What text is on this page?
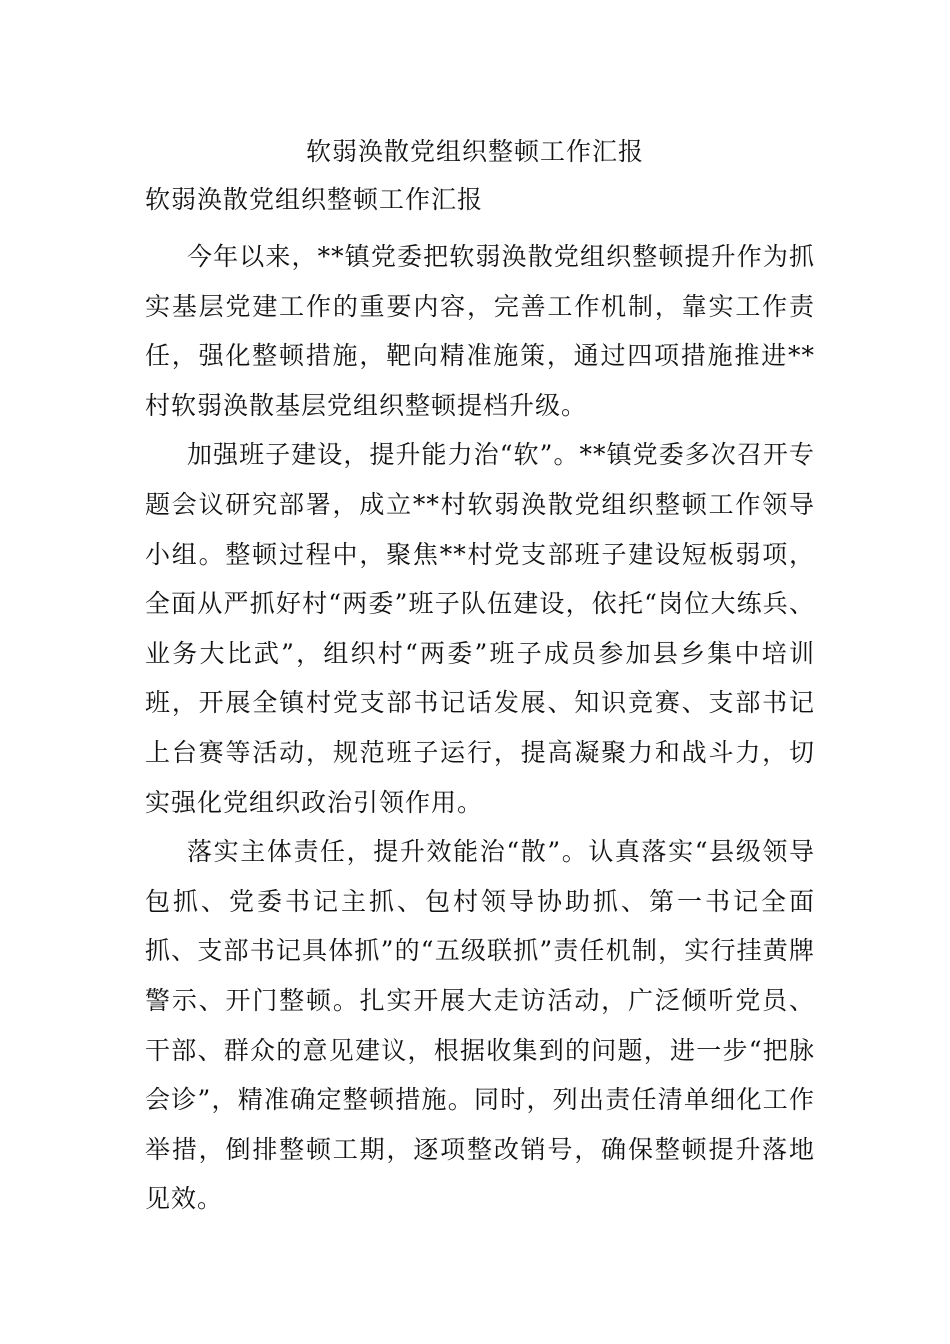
软弱涣散党组织整顿工作汇报
软弱涣散党组织整顿工作汇报

今年以来，**镇党委把软弱涣散党组织整顿提升作为抓实基层党建工作的重要内容，完善工作机制，靠实工作责任，强化整顿措施，靶向精准施策，通过四项措施推进**村软弱涣散基层党组织整顿提档升级。

加强班子建设，提升能力治“软”。**镇党委多次召开专题会议研究部署，成立**村软弱涣散党组织整顿工作领导小组。整顿过程中，聚焦**村党支部班子建设短板弱项，全面从严抓好村“两委”班子队伍建设，依托“岗位大练兵、业务大比武”，组织村“两委”班子成员参加县乡集中培训班，开展全镇村党支部书记话发展、知识竞赛、支部书记上台赛等活动，规范班子运行，提高凝聚力和战斗力，切实强化党组织政治引领作用。

落实主体责任，提升效能治“散”。认真落实“县级领导包抓、党委书记主抓、包村领导协助抓、第一书记全面抓、支部书记具体抓”的“五级联抓”责任机制，实行挂黄牌警示、开门整顿。扎实开展大走访活动，广泛倾听党员、干部、群众的意见建议，根据收集到的问题，进一步“把脉会诊”，精准确定整顿措施。同时，列出责任清单细化工作举措，倒排整顿工期，逐项整改销号，确保整顿提升落地见效。
